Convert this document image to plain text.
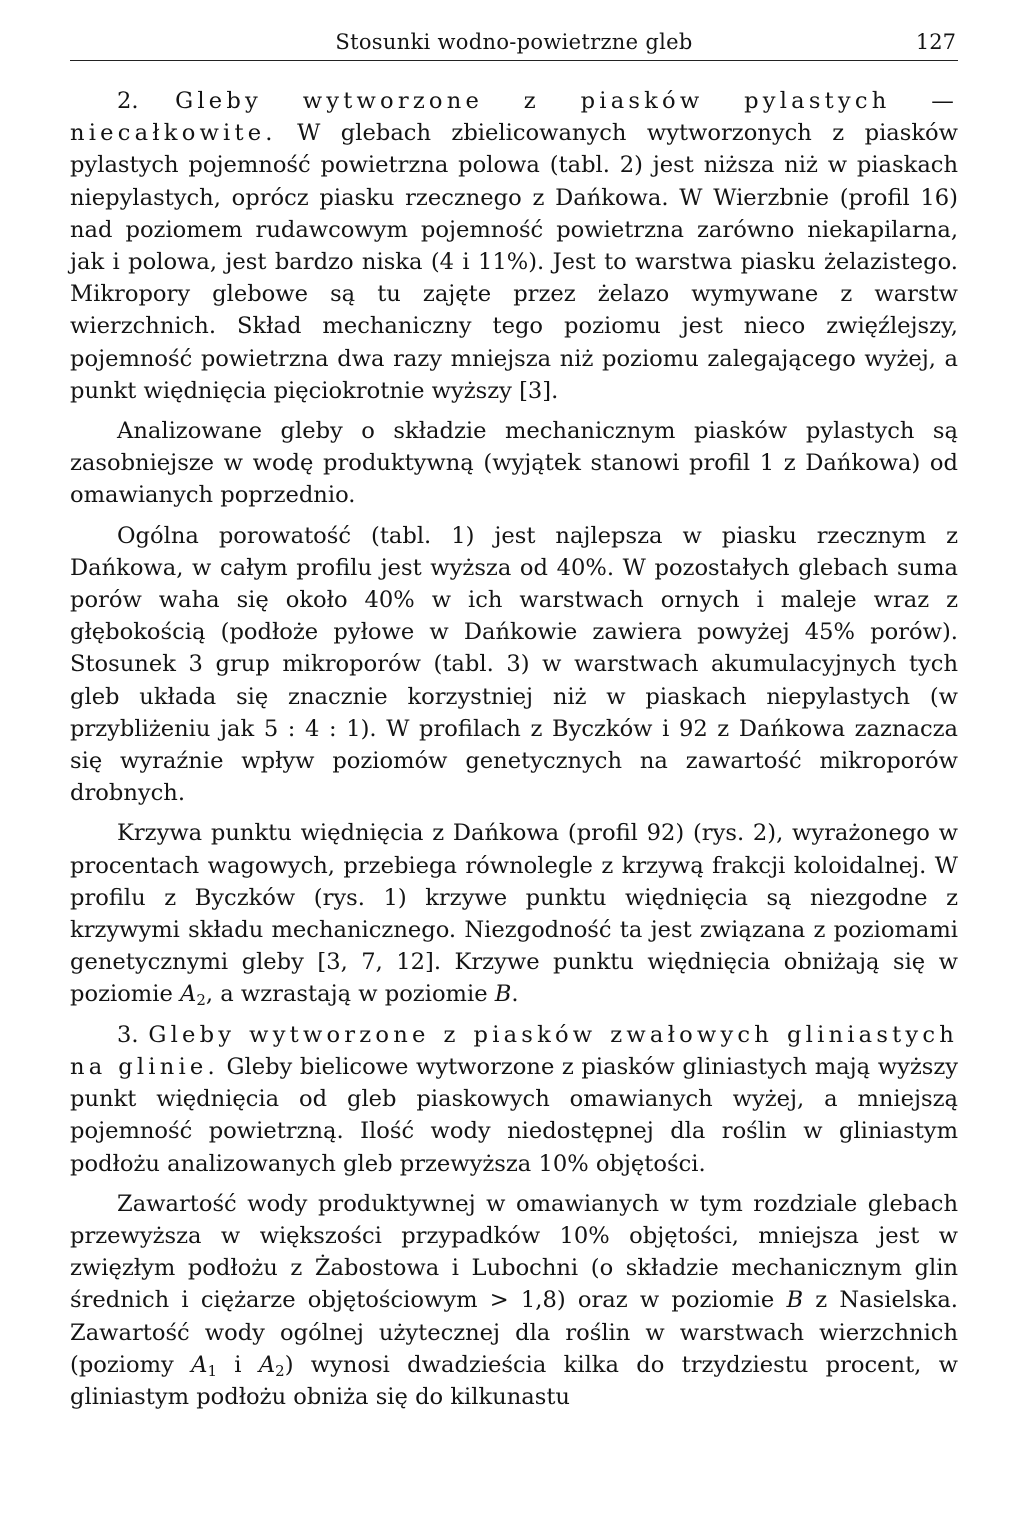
Stosunki wodno-powietrzne gleb	127

2. Gleby wytworzone z piasków pylastych — niecałkowite. W glebach zbielicowanych wytworzonych z piasków pylastych pojemność powietrzna polowa (tabl. 2) jest niższa niż w piaskach niepylastych, oprócz piasku rzecznego z Dańkowa. W Wierzbnie (profil 16) nad poziomem rudawcowym pojemność powietrzna zarówno niekapilarna, jak i polowa, jest bardzo niska (4 i 11%). Jest to warstwa piasku żelazistego. Mikropory glebowe są tu zajęte przez żelazo wymywane z warstw wierzchnich. Skład mechaniczny tego poziomu jest nieco zwięźlejszy, pojemność powietrzna dwa razy mniejsza niż poziomu zalegającego wyżej, a punkt więdnięcia pięciokrotnie wyższy [3].

Analizowane gleby o składzie mechanicznym piasków pylastych są zasobniejsze w wodę produktywną (wyjątek stanowi profil 1 z Dańkowa) od omawianych poprzednio.

Ogólna porowatość (tabl. 1) jest najlepsza w piasku rzecznym z Dańkowa, w całym profilu jest wyższa od 40%. W pozostałych glebach suma porów waha się około 40% w ich warstwach ornych i maleje wraz z głębokością (podłoże pyłowe w Dańkowie zawiera powyżej 45% porów). Stosunek 3 grup mikroporów (tabl. 3) w warstwach akumulacyjnych tych gleb układa się znacznie korzystniej niż w piaskach niepylastych (w przybliżeniu jak 5 : 4 : 1). W profilach z Byczków i 92 z Dańkowa zaznacza się wyraźnie wpływ poziomów genetycznych na zawartość mikroporów drobnych.

Krzywa punktu więdnięcia z Dańkowa (profil 92) (rys. 2), wyrażonego w procentach wagowych, przebiega równolegle z krzywą frakcji koloidalnej. W profilu z Byczków (rys. 1) krzywe punktu więdnięcia są niezgodne z krzywymi składu mechanicznego. Niezgodność ta jest związana z poziomami genetycznymi gleby [3, 7, 12]. Krzywe punktu więdnięcia obniżają się w poziomie $A_2$, a wzrastają w poziomie B.

3. Gleby wytworzone z piasków zwałowych gliniastych na glinie. Gleby bielicowe wytworzone z piasków gliniastych mają wyższy punkt więdnięcia od gleb piaskowych omawianych wyżej, a mniejszą pojemność powietrzną. Ilość wody niedostępnej dla roślin w gliniastym podłożu analizowanych gleb przewyższa 10% objętości.

Zawartość wody produktywnej w omawianych w tym rozdziale glebach przewyższa w większości przypadków 10% objętości, mniejsza jest w zwięzłym podłożu z Żabostowa i Lubochni (o składzie mechanicznym glin średnich i ciężarze objętościowym > 1,8) oraz w poziomie B z Nasielska. Zawartość wody ogólnej użytecznej dla roślin w warstwach wierzchnich (poziomy $A_1$ i $A_2$) wynosi dwadzieścia kilka do trzydziestu procent, w gliniastym podłożu obniża się do kilkunastu
